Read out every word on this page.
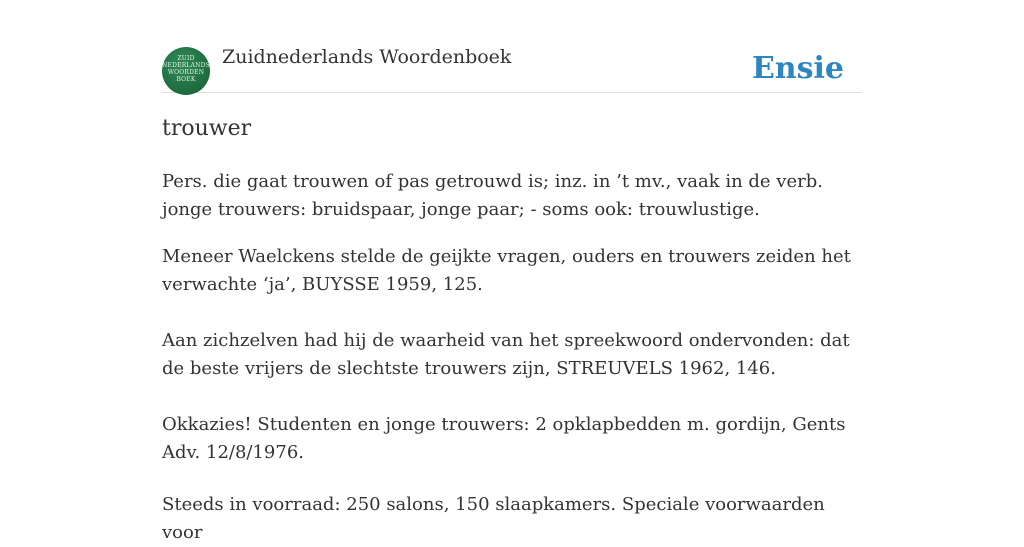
ZUID NEDERLANDS WOORDEN BOEK
Zuidnederlands Woordenboek	Ensie
trouwer

Pers. die gaat trouwen of pas getrouwd is; inz. in ’t mv., vaak in de verb. jonge trouwers: bruidspaar, jonge paar; - soms ook: trouwlustige.

Meneer Waelckens stelde de geijkte vragen, ouders en trouwers zeiden het verwachte ‘ja’, BUYSSE 1959, 125.

Aan zichzelven had hij de waarheid van het spreekwoord ondervonden: dat de beste vrijers de slechtste trouwers zijn, STREUVELS 1962, 146.

Okkazies! Studenten en jonge trouwers: 2 opklapbedden m. gordijn, Gents Adv. 12/8/1976.

Steeds in voorraad: 250 salons, 150 slaapkamers. Speciale voorwaarden voor
